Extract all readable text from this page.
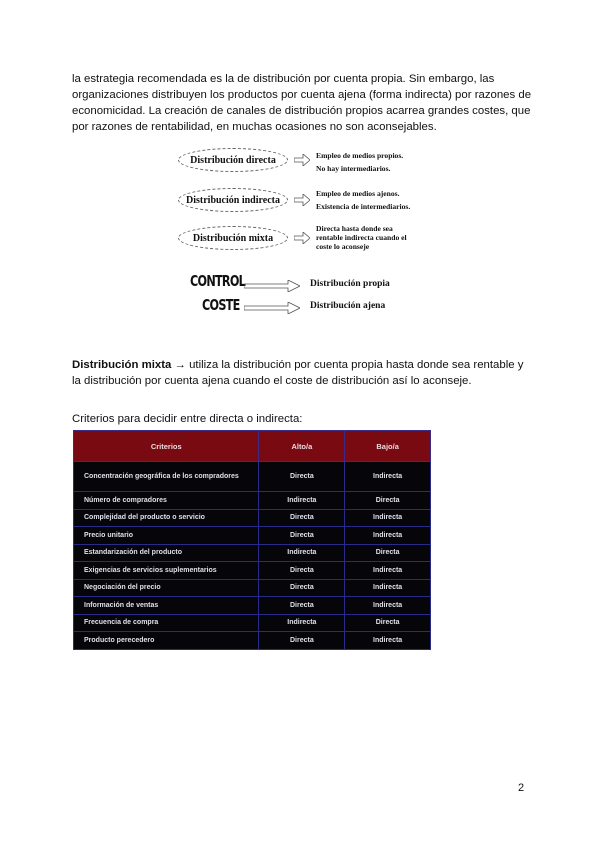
la estrategia recomendada es la de distribución por cuenta propia. Sin embargo, las organizaciones distribuyen los productos por cuenta ajena (forma indirecta) por razones de economicidad. La creación de canales de distribución propios acarrea grandes costes, que por razones de rentabilidad, en muchas ocasiones no son aconsejables.
Distribución directa	Empleo de medios propios.
No hay intermediarios.
Distribución indirecta
Empleo de medios ajenos.
Existencia de intermediarios.
Distribución mixta
Directa hasta donde sea
rentable indirecta cuando el
coste lo aconseje
CONTROL
COSTE
Distribución propia
Distribución ajena
Distribución mixta → utiliza la distribución por cuenta propia hasta donde sea rentable y la distribución por cuenta ajena cuando el coste de distribución así lo aconseje.
Criterios para decidir entre directa o indirecta:
Criterios	Alto/a	Bajo/a
Concentración geográfica de los compradores	Directa	Indirecta
Número de compradores	Indirecta	Directa
Complejidad del producto o servicio	Directa	Indirecta
Precio unitario	Directa	Indirecta
Estandarización del producto	Indirecta	Directa
Exigencias de servicios suplementarios	Directa	Indirecta
Negociación del precio	Directa	Indirecta
Información de ventas	Directa	Indirecta
Frecuencia de compra	Indirecta	Directa
Producto perecedero	Directa	Indirecta
2
